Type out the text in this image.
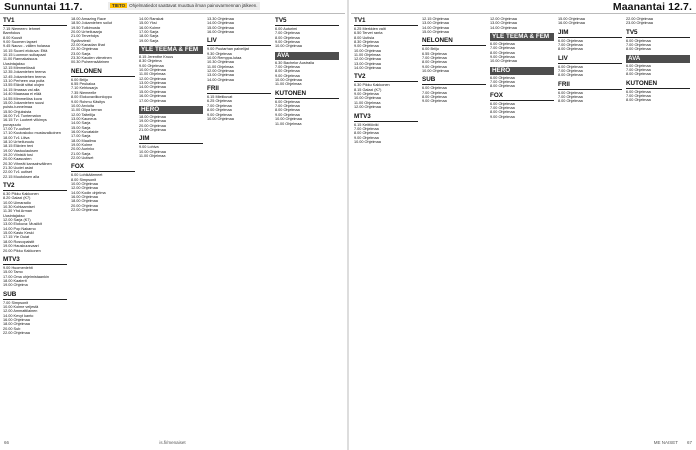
Sunnuntai 11.7.	TIETO Ohjelmatiedot saattavat muuttua ilman painovarmennan jälkeen.
TV1
7.15 Niemeen: lehmet
Barnfokus
8.00 Kuusit
9.00 Suomen lapset
9.45 Nauvo - välien holassa
10.15 Suomi elokuva: Että
10.15 Luonnon sulkapaat
11.00 Rannakaisuus
Uusintajakso
12.15 Mimmelössä
12.35 Jokamiehen teema
12.45 Jokamiehen teema
13.10 Perheen osa puita
13.55 Elävät sittai olojen
14.15 Ilmassa vai alla
14.40 Maassaa ei elää
14.55 Mimmelöss kuva
15.00 Jokamiehen suusi
puisto-tunnelmaa
15.50 Ohjuksista
16.00 Tv1 Tuntematon
16.15 Tv: Luoteet vilkimys
punapuutu
17.00 Tv-uutiset
17.10 Kuutoskoko mustavalkoinen
18.00 Tv1 Liiiva
18.10 Urheiluruutu
18.15 Elävien teni
19.00 Vastuulauksen
19.20 Viinistä tosi
20.00 Kaasusten
20.30 Vihreät kansainvälinen
21.30 Uudet asiat
22.00 Tv1 uutiset
22.15 Muutoksen alla
TV2
6.30 Pikku Kakkonen
8.20 Galaxi (K7)
10.00 Uimaradio
10.30 Kohtaamiset
11.30 Yhd Arman
Uusintajakso
12.00 Sarja (K7)
13.00 Elokuva: Musiikit
14.00 Pop Nakarno
15.00 Kasto Keski
17.15 Yle Ouiat
18.00 Rosvopaistit
19.00 Hauskuusvaari
20.00 Pikku Kakkonen
MTV3
9.00 Huomenlehti
15.00 Tamo
17.00 Oma ohjelmistaankin
18.00 Kaaterit
19.00 Ohjelma
SUB
7.00 Simpsonit
10.00 Kolme veljestä
12.00 Ammattilainen
14.00 Kevyt kanto
16.00 Ohjelmaa
18.00 Ohjelmaa
20.00 Sub
22.00 Ohjelmaa
18.00 Amazing Race
18.50 Jokamiehen soilut
19.50 Tutkimusta
20.00 Urheilusarja
21.00 Tervehdys
Sydänviesti
22.00 Kanadan lihat
22.30 Ohjelmaa
23.00 Sarja
23.30 Kauden viimeinen
00.30 Puheensäärinen
NELONEN
6.00 Briiju
6.55 Peukaloa
7.10 Kehtosarja
7.35 Niemeelle
8.00 Elokuvaviikonloppu
9.00 Rohmu Käsitys
10.00 Arvioita
11.00 Olipa kerran
12.00 Taiteilija
13.00 Kauneus
14.00 Sarja
15.00 Sarja
16.00 Kuvataide
17.00 Sarja
18.00 Maailma
19.00 Kolme
20.00 Aurinko
21.00 Sarja
22.00 Uutiset
FOX
6.00 Lohikäärmeet
8.00 Simpsonit
10.00 Ohjelmaa
12.00 Ohjelmaa
14.00 Kodin ohjelma
16.00 Ohjelmaa
18.00 Ohjelmaa
20.00 Ohjelmaa
22.00 Ohjelmaa
14.00 Ranskat
15.00 Yksi
16.00 Kolme
17.00 Sarja
18.00 Sarja
19.00 Sarja
YLE TEEMA & FEM
8.15 Jerenthe Kruus
8.30 Ohjelma
9.00 Ohjelmaa
10.00 Ohjelmaa
11.00 Ohjelmaa
12.00 Ohjelmaa
13.00 Ohjelmaa
14.00 Ohjelmaa
15.00 Ohjelmaa
16.00 Ohjelmaa
17.00 Ohjelmaa
HERO
18.00 Ohjelmaa
19.00 Ohjelmaa
20.00 Ohjelmaa
21.00 Ohjelmaa
JIM
9.00 Lohiva
10.00 Ohjelmaa
11.00 Ohjelmaa
13.30 Ohjelmaa
14.00 Ohjelmaa
15.00 Ohjelmaa
16.00 Ohjelmaa
LIV
9.00 Puutarhan palvelijat
9.30 Ohjelmaa
10.00 Remppa-lutaa
10.30 Ohjelmaa
11.00 Ohjelmaa
12.00 Ohjelmaa
13.00 Ohjelmaa
14.00 Ohjelmaa
FRII
6.15 Mielikuvat
6.25 Ohjelmaa
7.00 Ohjelmaa
8.00 Ohjelmaa
9.00 Ohjelmaa
10.00 Ohjelmaa
TV5
6.00 Auturimi
7.00 Ohjelmaa
8.00 Ohjelmaa
9.00 Ohjelmaa
10.00 Ohjelmaa
AVA
6.30 Bachelor Australia
7.00 Ohjelmaa
8.00 Ohjelmaa
9.00 Ohjelmaa
10.00 Ohjelmaa
11.00 Ohjelmaa
KUTONEN
6.00 Ohjelmaa
7.00 Ohjelmaa
8.00 Ohjelmaa
9.00 Ohjelmaa
10.00 Ohjelmaa
11.00 Ohjelmaa
66	is.fi/menaiset
Maanantai 12.7.
TV1
6.25 Merkkien valit
6.50 Tervet ranta
8.00 Uutisia
8.30 Ohjelmaa
9.00 Ohjelmaa
10.00 Ohjelmaa
11.00 Ohjelmaa
12.00 Ohjelmaa
13.00 Ohjelmaa
14.00 Ohjelmaa
TV2
6.30 Pikku Kakkonen
8.15 Galaxi (K7)
9.00 Ohjelmaa
10.00 Ohjelmaa
11.00 Ohjelmaa
12.00 Ohjelmaa
MTV3
6.15 Keittiöviki
7.00 Ohjelmaa
8.00 Ohjelmaa
9.00 Ohjelmaa
10.00 Ohjelmaa
12.15 Ohjelmaa
13.00 Ohjelmaa
14.00 Ohjelmaa
15.00 Ohjelmaa
NELONEN
6.00 Briiju
6.55 Ohjelmaa
7.00 Ohjelmaa
8.00 Ohjelmaa
9.00 Ohjelmaa
10.00 Ohjelmaa
SUB
6.00 Ohjelmaa
7.00 Ohjelmaa
8.00 Ohjelmaa
9.00 Ohjelmaa
12.00 Ohjelmaa
13.00 Ohjelmaa
14.00 Ohjelmaa
YLE TEEMA & FEM
6.00 Ohjelmaa
7.00 Ohjelmaa
8.00 Ohjelmaa
9.00 Ohjelmaa
10.00 Ohjelmaa
HERO
6.00 Ohjelmaa
7.00 Ohjelmaa
8.00 Ohjelmaa
FOX
6.00 Ohjelmaa
7.00 Ohjelmaa
8.00 Ohjelmaa
9.00 Ohjelmaa
15.00 Ohjelmaa
16.00 Ohjelmaa
JIM
6.00 Ohjelmaa
7.00 Ohjelmaa
8.00 Ohjelmaa
LIV
6.00 Ohjelmaa
7.00 Ohjelmaa
8.00 Ohjelmaa
FRII
6.00 Ohjelmaa
7.00 Ohjelmaa
8.00 Ohjelmaa
22.00 Ohjelmaa
23.00 Ohjelmaa
TV5
6.00 Ohjelmaa
7.00 Ohjelmaa
8.00 Ohjelmaa
AVA
6.00 Ohjelmaa
7.00 Ohjelmaa
8.00 Ohjelmaa
KUTONEN
6.00 Ohjelmaa
7.00 Ohjelmaa
8.00 Ohjelmaa
ME NAISET 67
